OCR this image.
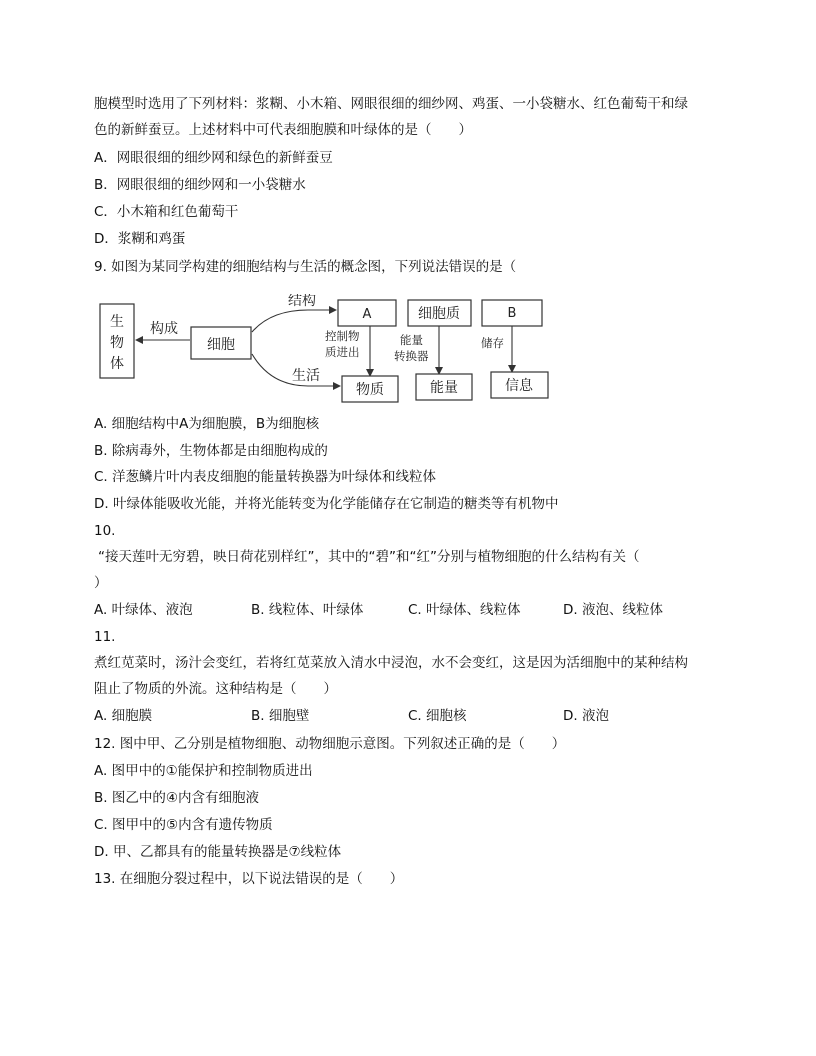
胞模型时选用了下列材料：浆糊、小木箱、网眼很细的细纱网、鸡蛋、一小袋糖水、红色葡萄干和绿
色的新鲜蚕豆。上述材料中可代表细胞膜和叶绿体的是（　　）
A．网眼很细的细纱网和绿色的新鲜蚕豆
B．网眼很细的细纱网和一小袋糖水
C．小木箱和红色葡萄干
D．浆糊和鸡蛋
9. 如图为某同学构建的细胞结构与生活的概念图，下列说法错误的是（
生
物
体
构成
细胞
结构
生活
A	细胞质	B
控制物
质进出
能量
转换器
储存
物质	能量	信息
A. 细胞结构中A为细胞膜，B为细胞核
B. 除病毒外，生物体都是由细胞构成的
C. 洋葱鳞片叶内表皮细胞的能量转换器为叶绿体和线粒体
D. 叶绿体能吸收光能，并将光能转变为化学能储存在它制造的糖类等有机物中
10.
“接天莲叶无穷碧，映日荷花别样红”，其中的“碧”和“红”分别与植物细胞的什么结构有关（
）
A. 叶绿体、液泡	B. 线粒体、叶绿体	C. 叶绿体、线粒体	D. 液泡、线粒体
11.
煮红苋菜时，汤汁会变红，若将红苋菜放入清水中浸泡，水不会变红，这是因为活细胞中的某种结构
阻止了物质的外流。这种结构是（　　）
A. 细胞膜	B. 细胞壁	C. 细胞核	D. 液泡
12. 图中甲、乙分别是植物细胞、动物细胞示意图。下列叙述正确的是（　　）
A. 图甲中的①能保护和控制物质进出
B. 图乙中的④内含有细胞液
C. 图甲中的⑤内含有遗传物质
D. 甲、乙都具有的能量转换器是⑦线粒体
13. 在细胞分裂过程中，以下说法错误的是（　　）
